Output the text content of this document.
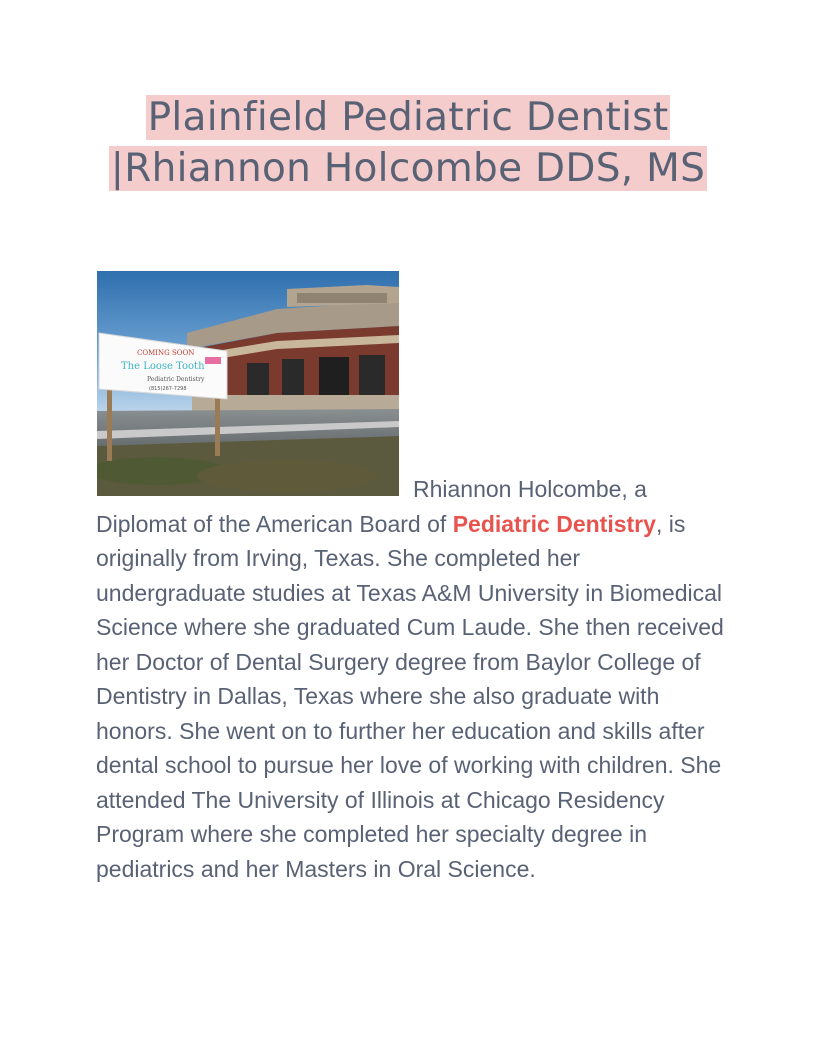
Plainfield Pediatric Dentist |Rhiannon Holcombe DDS, MS
COMING SOON
The Loose Tooth
Pediatric Dentistry
(815)267-7298

Rhiannon Holcombe, a Diplomat of the American Board of Pediatric Dentistry, is originally from Irving, Texas. She completed her undergraduate studies at Texas A&M University in Biomedical Science where she graduated Cum Laude. She then received her Doctor of Dental Surgery degree from Baylor College of Dentistry in Dallas, Texas where she also graduate with honors. She went on to further her education and skills after dental school to pursue her love of working with children. She attended The University of Illinois at Chicago Residency Program where she completed her specialty degree in pediatrics and her Masters in Oral Science.
